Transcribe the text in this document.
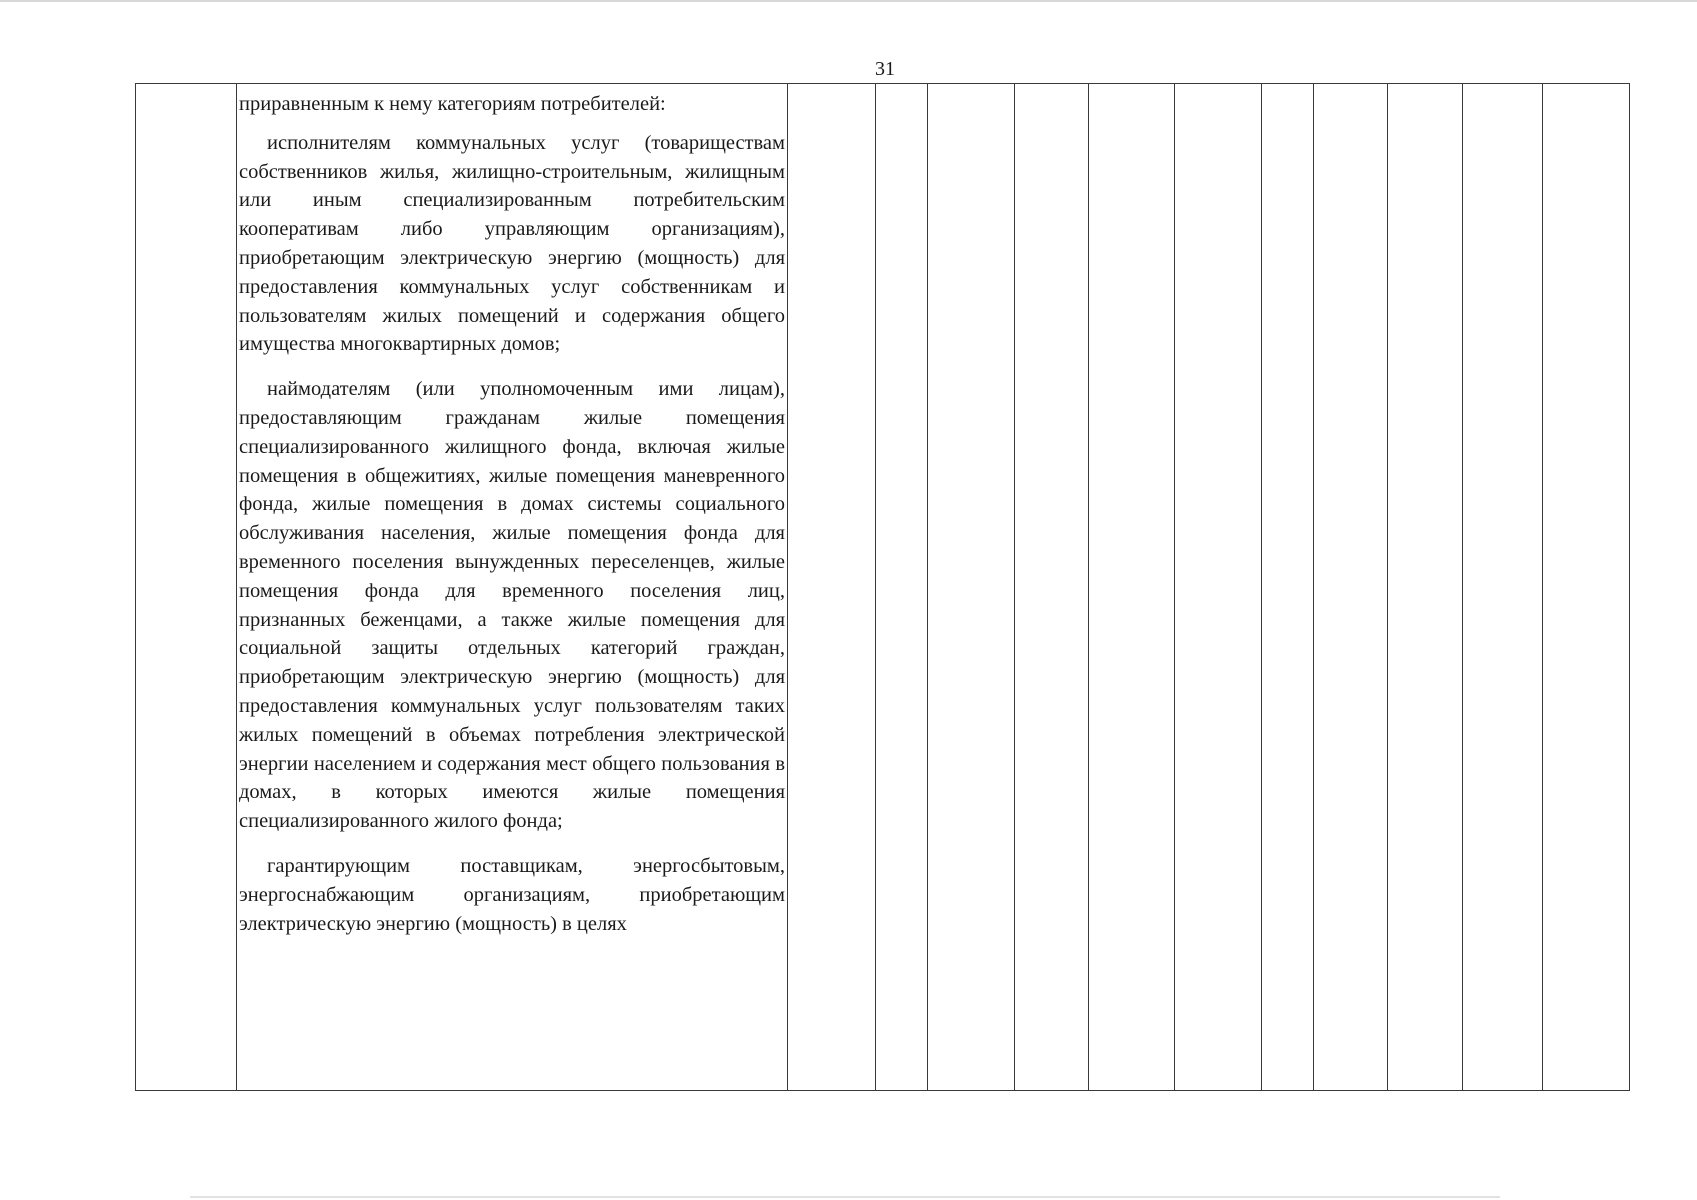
31

приравненным к нему категориям потребителей:

исполнителям коммунальных услуг (товариществам собственников жилья, жилищно-строительным, жилищным или иным специализированным потребительским кооперативам либо управляющим организациям), приобретающим электрическую энергию (мощность) для предоставления коммунальных услуг собственникам и пользователям жилых помещений и содержания общего имущества многоквартирных домов;

наймодателям (или уполномоченным ими лицам), предоставляющим гражданам жилые помещения специализированного жилищного фонда, включая жилые помещения в общежитиях, жилые помещения маневренного фонда, жилые помещения в домах системы социального обслуживания населения, жилые помещения фонда для временного поселения вынужденных переселенцев, жилые помещения фонда для временного поселения лиц, признанных беженцами, а также жилые помещения для социальной защиты отдельных категорий граждан, приобретающим электрическую энергию (мощность) для предоставления коммунальных услуг пользователям таких жилых помещений в объемах потребления электрической энергии населением и содержания мест общего пользования в домах, в которых имеются жилые помещения специализированного жилого фонда;

гарантирующим поставщикам, энергосбытовым, энергоснабжающим организациям, приобретающим электрическую энергию (мощность) в целях
